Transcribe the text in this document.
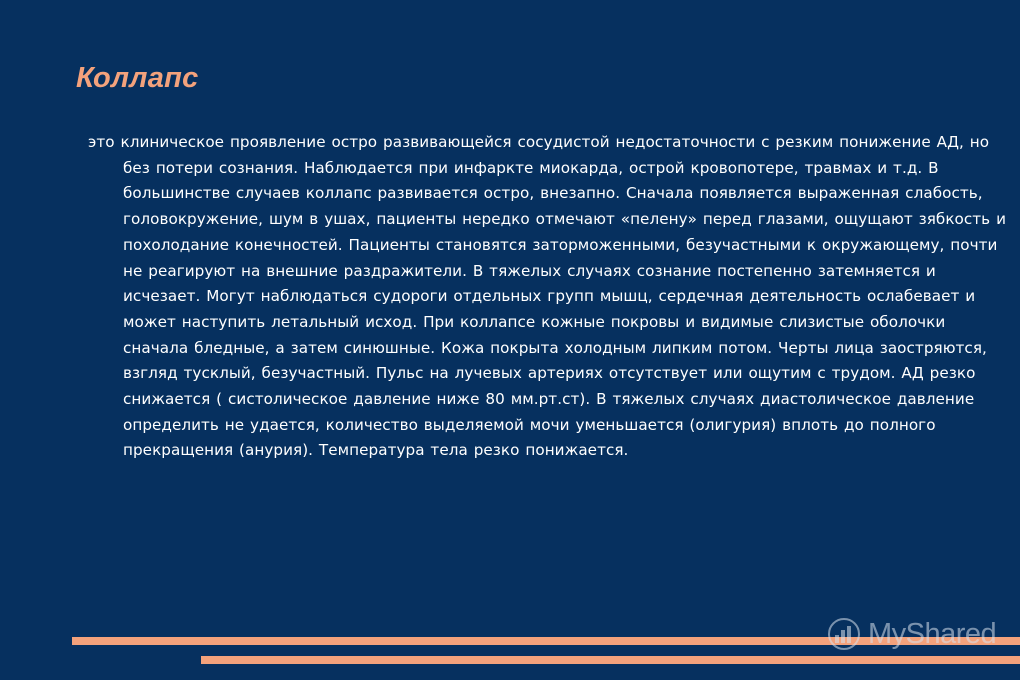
Коллапс

это клиническое проявление остро развивающейся сосудистой недостаточности с резким понижение АД, но без потери сознания. Наблюдается при инфаркте миокарда, острой кровопотере, травмах и т.д. В большинстве случаев коллапс развивается остро, внезапно. Сначала появляется выраженная слабость, головокружение, шум в ушах, пациенты нередко отмечают «пелену» перед глазами, ощущают зябкость и похолодание конечностей. Пациенты становятся заторможенными, безучастными к окружающему, почти не реагируют на внешние раздражители. В тяжелых случаях сознание постепенно затемняется и исчезает. Могут наблюдаться судороги отдельных групп мышц, сердечная деятельность ослабевает и может наступить летальный исход. При коллапсе кожные покровы и видимые слизистые оболочки сначала бледные, а затем синюшные. Кожа покрыта холодным липким потом. Черты лица заостряются, взгляд тусклый, безучастный. Пульс на лучевых артериях отсутствует или ощутим с трудом. АД резко снижается ( систолическое давление ниже 80 мм.рт.ст). В тяжелых случаях диастолическое давление определить не удается, количество выделяемой мочи уменьшается (олигурия) вплоть до полного прекращения (анурия). Температура тела резко понижается.

MyShared
